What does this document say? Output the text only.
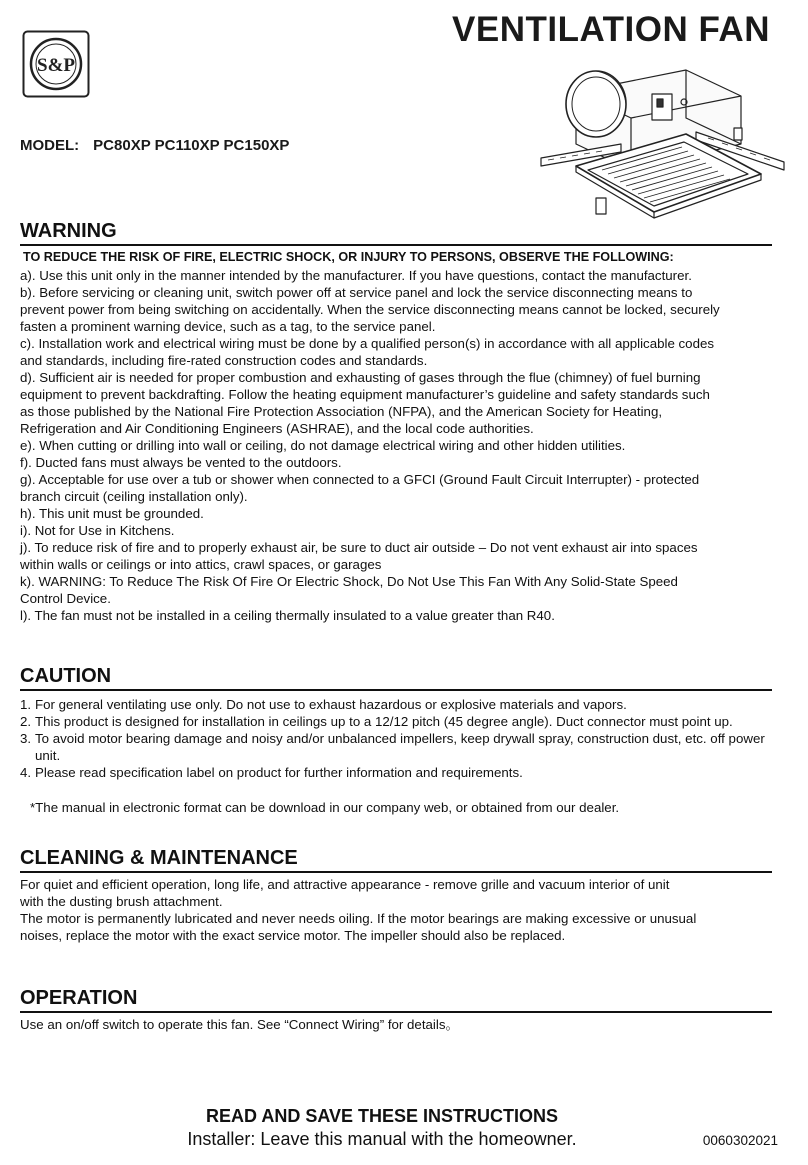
S&P
VENTILATION FAN
MODEL: PC80XP PC110XP PC150XP
WARNING
TO REDUCE THE RISK OF FIRE, ELECTRIC SHOCK, OR INJURY TO PERSONS, OBSERVE THE FOLLOWING:
a). Use this unit only in the manner intended by the manufacturer. If you have questions, contact the manufacturer.
b). Before servicing or cleaning unit, switch power off at service panel and lock the service disconnecting means to
prevent power from being switching on accidentally. When the service disconnecting means cannot be locked, securely
fasten a prominent warning device, such as a tag, to the service panel.
c). Installation work and electrical wiring must be done by a qualified person(s) in accordance with all applicable codes
and standards, including fire-rated construction codes and standards.
d). Sufficient air is needed for proper combustion and exhausting of gases through the flue (chimney) of fuel burning
equipment to prevent backdrafting. Follow the heating equipment manufacturer’s guideline and safety standards such
as those published by the National Fire Protection Association (NFPA), and the American Society for Heating,
Refrigeration and Air Conditioning Engineers (ASHRAE), and the local code authorities.
e). When cutting or drilling into wall or ceiling, do not damage electrical wiring and other hidden utilities.
f). Ducted fans must always be vented to the outdoors.
g). Acceptable for use over a tub or shower when connected to a GFCI (Ground Fault Circuit Interrupter) - protected
branch circuit (ceiling installation only).
h). This unit must be grounded.
i). Not for Use in Kitchens.
j). To reduce risk of fire and to properly exhaust air, be sure to duct air outside – Do not vent exhaust air into spaces
within walls or ceilings or into attics, crawl spaces, or garages
k). WARNING: To Reduce The Risk Of Fire Or Electric Shock, Do Not Use This Fan With Any Solid-State Speed
Control Device.
l). The fan must not be installed in a ceiling thermally insulated to a value greater than R40.
CAUTION
1. For general ventilating use only. Do not use to exhaust hazardous or explosive materials and vapors.
2. This product is designed for installation in ceilings up to a 12/12 pitch (45 degree angle). Duct connector must point up.
3. To avoid motor bearing damage and noisy and/or unbalanced impellers, keep drywall spray, construction dust, etc. off power unit.
4. Please read specification label on product for further information and requirements.
*The manual in electronic format can be download in our company web, or obtained from our dealer.
CLEANING & MAINTENANCE

For quiet and efficient operation, long life, and attractive appearance - remove grille and vacuum interior of unit
with the dusting brush attachment.

The motor is permanently lubricated and never needs oiling. If the motor bearings are making excessive or unusual
noises, replace the motor with the exact service motor. The impeller should also be replaced.

OPERATION

Use an on/off switch to operate this fan. See “Connect Wiring” for details。

READ AND SAVE THESE INSTRUCTIONS
Installer: Leave this manual with the homeowner.	0060302021
